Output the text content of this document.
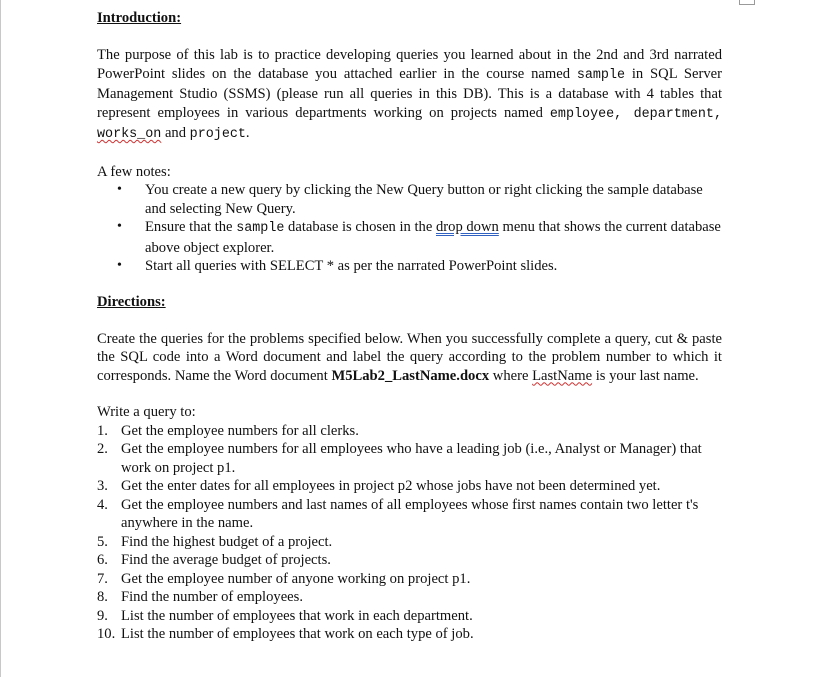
Introduction:

The purpose of this lab is to practice developing queries you learned about in the 2nd and 3rd narrated PowerPoint slides on the database you attached earlier in the course named sample in SQL Server Management Studio (SSMS) (please run all queries in this DB). This is a database with 4 tables that represent employees in various departments working on projects named employee, department, works_on and project.

A few notes:

• You create a new query by clicking the New Query button or right clicking the sample database and selecting New Query.
• Ensure that the sample database is chosen in the drop down menu that shows the current database above object explorer.
• Start all queries with SELECT * as per the narrated PowerPoint slides.

Directions:

Create the queries for the problems specified below. When you successfully complete a query, cut & paste the SQL code into a Word document and label the query according to the problem number to which it corresponds. Name the Word document M5Lab2_LastName.docx where LastName is your last name.

Write a query to:

1. Get the employee numbers for all clerks.
2. Get the employee numbers for all employees who have a leading job (i.e., Analyst or Manager) that work on project p1.
3. Get the enter dates for all employees in project p2 whose jobs have not been determined yet.
4. Get the employee numbers and last names of all employees whose first names contain two letter t's anywhere in the name.
5. Find the highest budget of a project.
6. Find the average budget of projects.
7. Get the employee number of anyone working on project p1.
8. Find the number of employees.
9. List the number of employees that work in each department.
10. List the number of employees that work on each type of job.
